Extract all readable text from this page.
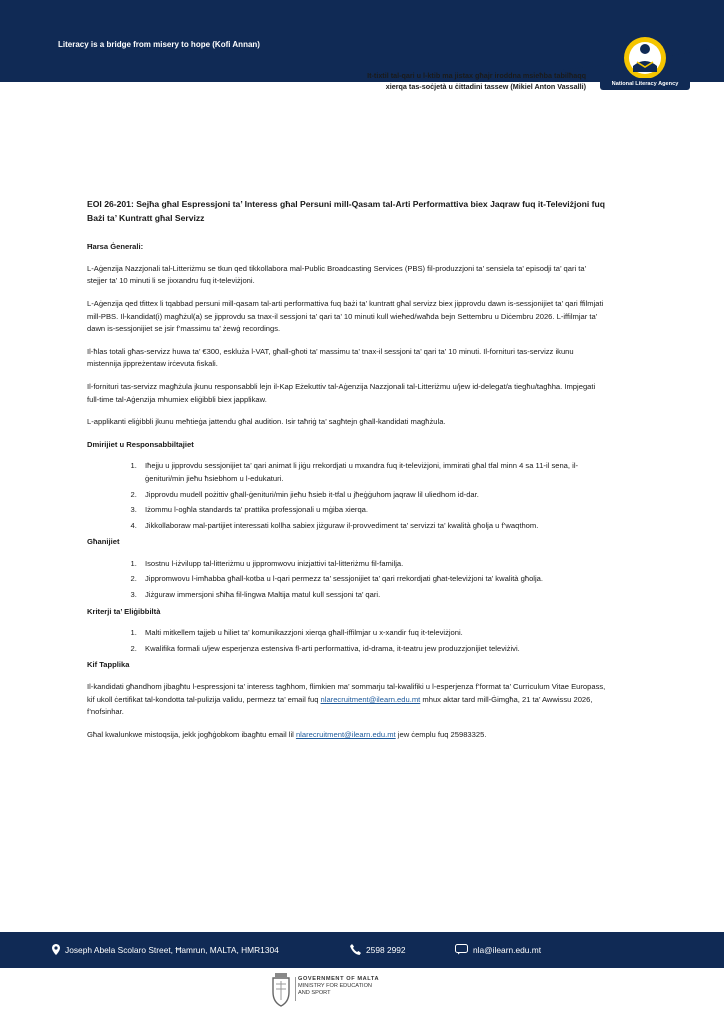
Literacy is a bridge from misery to hope (Kofi Annan)
It-tixtil tal-qari u l-ktib ma jistax għajr iroddna msieħba tabilħaqq
xierqa tas-soċjetà u ċittadini tassew (Mikiel Anton Vassalli)	National Literacy Agency
EOI 26-201: Sejħa għal Espressjoni ta’ Interess għal Persuni mill-Qasam tal-Arti Performattiva biex Jaqraw fuq it-Televiżjoni fuq Bażi ta’ Kuntratt għal Servizz
Ħarsa Ġenerali:

L-Aġenzija Nazzjonali tal-Litteriżmu se tkun qed tikkollabora mal-Public Broadcasting Services (PBS) fil-produzzjoni ta’ sensiela ta’ episodji ta’ qari ta’ stejjer ta’ 10 minuti li se jixxandru fuq it-televiżjoni.

L-Aġenzija qed tfittex li tqabbad persuni mill-qasam tal-arti performattiva fuq bażi ta’ kuntratt għal servizz biex jipprovdu dawn is-sessjonijiet ta’ qari ffilmjati mill-PBS. Il-kandidat(i) magħżul(a) se jipprovdu sa tnax-il sessjoni ta’ qari ta’ 10 minuti kull wieħed/waħda bejn Settembru u Diċembru 2026. L-iffilmjar ta’ dawn is-sessjonijiet se jsir f’massimu ta’ żewġ recordings.

Il-ħlas totali għas-servizz huwa ta’ €300, esklużа l-VAT, għall-għoti ta’ massimu ta’ tnax-il sessjoni ta’ qari ta’ 10 minuti. Il-fornituri tas-servizz ikunu mistennija jippreżentaw irċevuta fiskali.

Il-fornituri tas-servizz magħżula jkunu responsabbli lejn il-Kap Eżekuttiv tal-Aġenzija Nazzjonali tal-Litteriżmu u/jew id-delegat/a tiegħu/tagħha. Impjegati full-time tal-Aġenzija mhumiex eliġibbli biex japplikaw.

L-applikanti eliġibbli jkunu meħtieġa jattendu għal audition. Isir taħriġ ta’ sagħtejn għall-kandidati magħżula.

Dmirijiet u Responsabbiltajiet
1. Iħejju u jipprovdu sessjonijiet ta’ qari animat li jiġu rrekordjati u mxandra fuq it-televiżjoni, immirati għal tfal minn 4 sa 11-il sena, il-ġenituri/min jieħu ħsiebhom u l-edukaturi.
2. Jipprovdu mudell pożittiv għall-ġenituri/min jieħu ħsieb it-tfal u jħeġġuhom jaqraw lil uliedhom id-dar.
3. Iżommu l-ogħla standards ta’ prattika professjonali u mġiba xierqa.
4. Jikkollaboraw mal-partijiet interessati kollha sabiex jiżguraw il-provvediment ta’ servizzi ta’ kwalità għolja u f’waqthom.
Għanijiet
1. Isostnu l-iżvilupp tal-litteriżmu u jippromwovu inizjattivi tal-litteriżmu fil-familja.
2. Jippromwovu l-imħabba għall-kotba u l-qari permezz ta’ sessjonijiet ta’ qari rrekordjati għat-televiżjoni ta’ kwalità għolja.
3. Jiżguraw immersjoni sħiħa fil-lingwa Maltija matul kull sessjoni ta’ qari.
Kriterji ta’ Eliġibbiltà
1. Malti mitkellem tajjeb u ħiliet ta’ komunikazzjoni xierqa għall-iffilmjar u x-xandir fuq it-televiżjoni.
2. Kwalifika formali u/jew esperjenza estensiva fl-arti performattiva, id-drama, it-teatru jew produzzjonijiet televiżivi.
Kif Tapplika

Il-kandidati għandhom jibagħtu l-espressjoni ta’ interess tagħhom, flimkien ma’ sommarju tal-kwalifiki u l-esperjenza f’format ta’ Curriculum Vitae Europass, kif ukoll ċertifikat tal-kondotta tal-pulizija validu, permezz ta’ email fuq nlarecruitment@ilearn.edu.mt mhux aktar tard mill-Ġimgħa, 21 ta’ Awwissu 2026, f’nofsinhar.

Għal kwalunkwe mistoqsija, jekk jogħġobkom ibagħtu email lil nlarecruitment@ilearn.edu.mt jew ċemplu fuq 25983325.

Joseph Abela Scolaro Street, Ħamrun, MALTA, HMR1304	2598 2992	nla@ilearn.edu.mt
GOVERNMENT OF MALTA
MINISTRY FOR EDUCATION
AND SPORT
